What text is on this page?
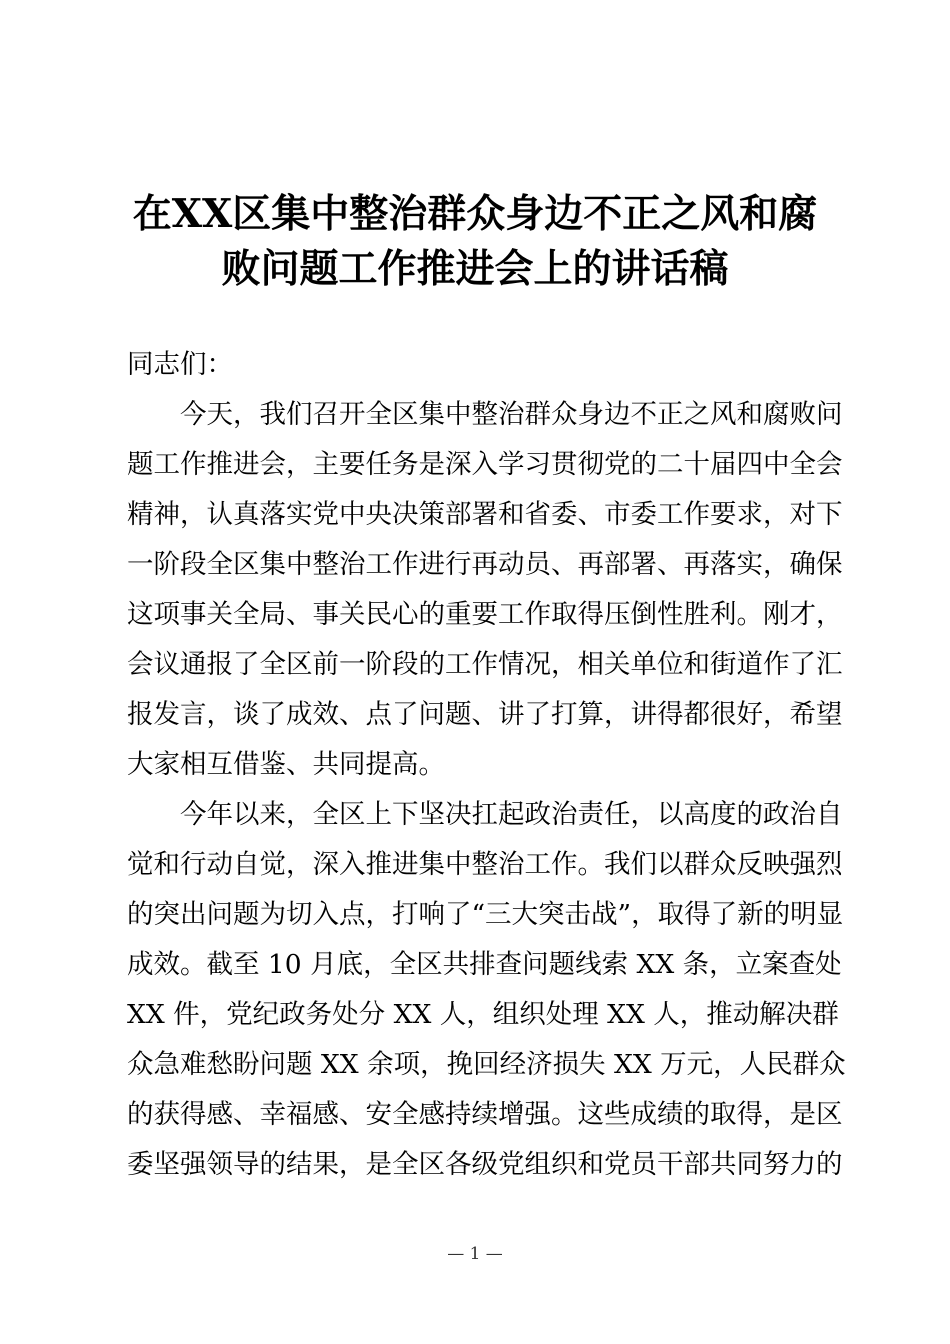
在XX区集中整治群众身边不正之风和腐
败问题工作推进会上的讲话稿

同志们：

今天，我们召开全区集中整治群众身边不正之风和腐败问
题工作推进会，主要任务是深入学习贯彻党的二十届四中全会
精神，认真落实党中央决策部署和省委、市委工作要求，对下
一阶段全区集中整治工作进行再动员、再部署、再落实，确保
这项事关全局、事关民心的重要工作取得压倒性胜利。刚才，
会议通报了全区前一阶段的工作情况，相关单位和街道作了汇
报发言，谈了成效、点了问题、讲了打算，讲得都很好，希望
大家相互借鉴、共同提高。
今年以来，全区上下坚决扛起政治责任，以高度的政治自
觉和行动自觉，深入推进集中整治工作。我们以群众反映强烈
的突出问题为切入点，打响了“三大突击战”，取得了新的明显
成效。截至 10 月底，全区共排查问题线索 XX 条，立案查处
XX 件，党纪政务处分 XX 人，组织处理 XX 人，推动解决群
众急难愁盼问题 XX 余项，挽回经济损失 XX 万元，人民群众
的获得感、幸福感、安全感持续增强。这些成绩的取得，是区
委坚强领导的结果，是全区各级党组织和党员干部共同努力的
— 1 —
